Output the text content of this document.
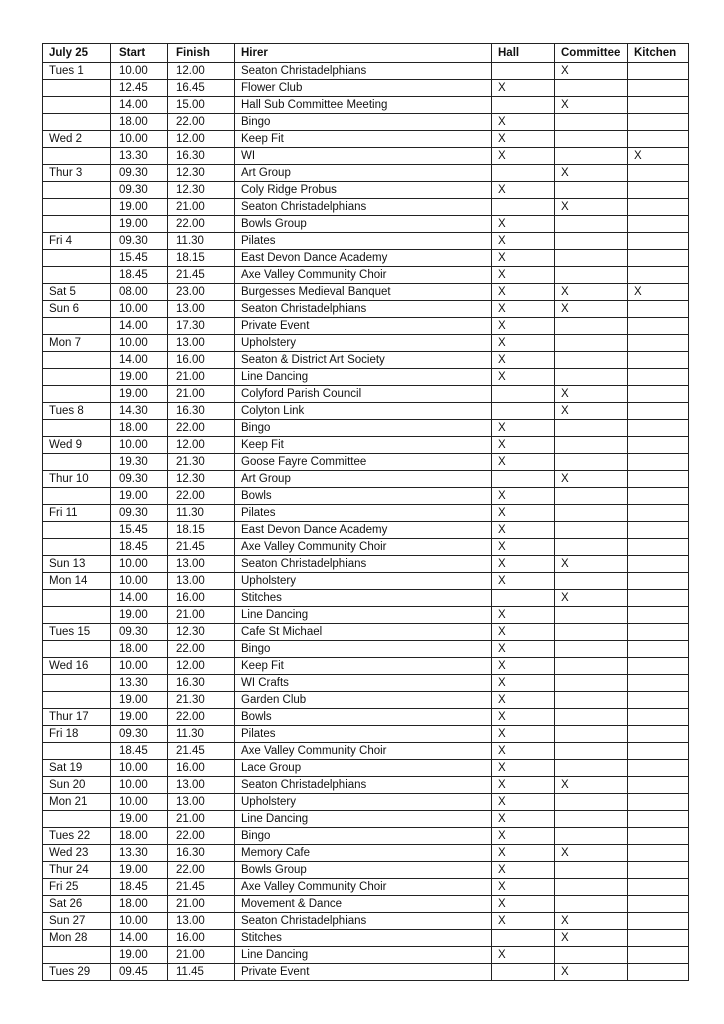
July 25	Start	Finish	Hirer	Hall	Committee	Kitchen
Tues 1	10.00	12.00	Seaton Christadelphians		X	
	12.45	16.45	Flower Club	X		
	14.00	15.00	Hall Sub Committee Meeting		X	
	18.00	22.00	Bingo	X		
Wed 2	10.00	12.00	Keep Fit	X		
	13.30	16.30	WI	X		X
Thur 3	09.30	12.30	Art Group		X	
	09.30	12.30	Coly Ridge Probus	X		
	19.00	21.00	Seaton Christadelphians		X	
	19.00	22.00	Bowls Group	X		
Fri 4	09.30	11.30	Pilates	X		
	15.45	18.15	East Devon Dance Academy	X		
	18.45	21.45	Axe Valley Community Choir	X		
Sat 5	08.00	23.00	Burgesses Medieval Banquet	X	X	X
Sun 6	10.00	13.00	Seaton Christadelphians	X	X	
	14.00	17.30	Private Event	X		
Mon 7	10.00	13.00	Upholstery	X		
	14.00	16.00	Seaton & District Art Society	X		
	19.00	21.00	Line Dancing	X		
	19.00	21.00	Colyford Parish Council		X	
Tues 8	14.30	16.30	Colyton Link		X	
	18.00	22.00	Bingo	X		
Wed 9	10.00	12.00	Keep Fit	X		
	19.30	21.30	Goose Fayre Committee	X		
Thur 10	09.30	12.30	Art Group		X	
	19.00	22.00	Bowls	X		
Fri 11	09.30	11.30	Pilates	X		
	15.45	18.15	East Devon Dance Academy	X		
	18.45	21.45	Axe Valley Community Choir	X		
Sun 13	10.00	13.00	Seaton Christadelphians	X	X	
Mon 14	10.00	13.00	Upholstery	X		
	14.00	16.00	Stitches		X	
	19.00	21.00	Line Dancing	X		
Tues 15	09.30	12.30	Cafe St Michael	X		
	18.00	22.00	Bingo	X		
Wed 16	10.00	12.00	Keep Fit	X		
	13.30	16.30	WI Crafts	X		
	19.00	21.30	Garden Club	X		
Thur 17	19.00	22.00	Bowls	X		
Fri 18	09.30	11.30	Pilates	X		
	18.45	21.45	Axe Valley Community Choir	X		
Sat 19	10.00	16.00	Lace Group	X		
Sun 20	10.00	13.00	Seaton Christadelphians	X	X	
Mon 21	10.00	13.00	Upholstery	X		
	19.00	21.00	Line Dancing	X		
Tues 22	18.00	22.00	Bingo	X		
Wed 23	13.30	16.30	Memory Cafe	X	X	
Thur 24	19.00	22.00	Bowls Group	X		
Fri 25	18.45	21.45	Axe Valley Community Choir	X		
Sat 26	18.00	21.00	Movement & Dance	X		
Sun 27	10.00	13.00	Seaton Christadelphians	X	X	
Mon 28	14.00	16.00	Stitches		X	
	19.00	21.00	Line Dancing	X		
Tues 29	09.45	11.45	Private Event		X	
